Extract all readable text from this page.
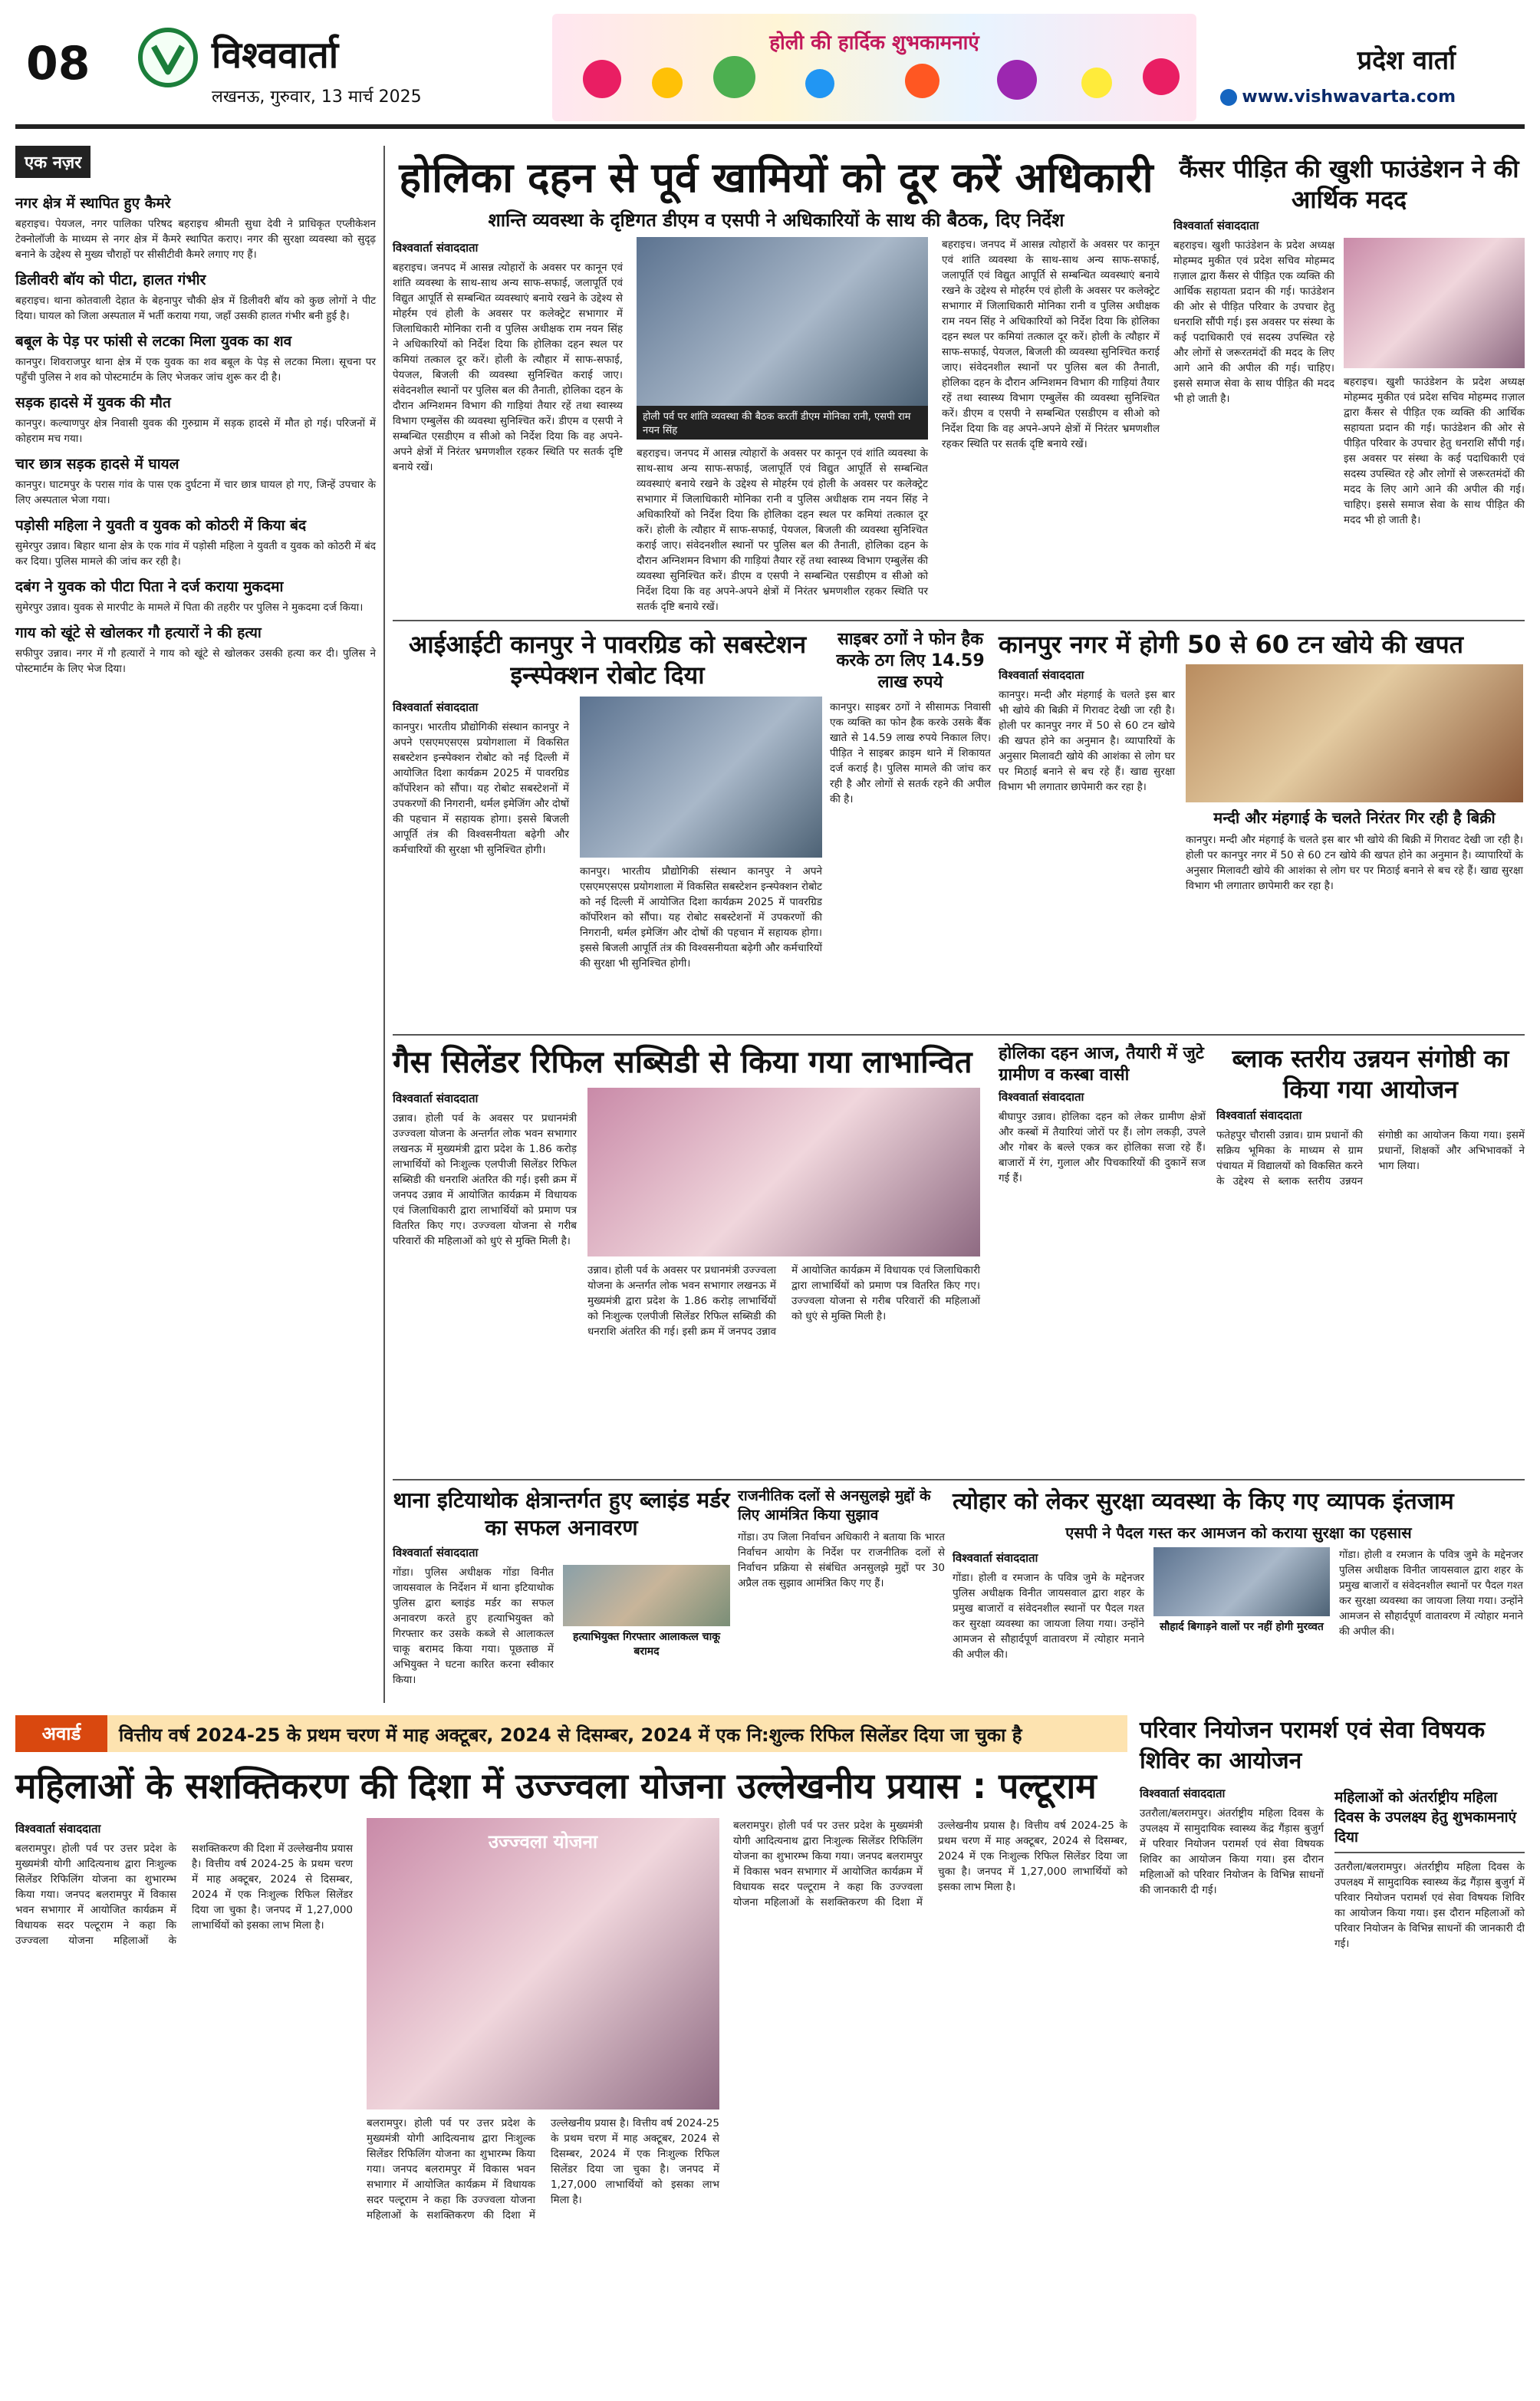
08	विश्ववार्ता
लखनऊ, गुरुवार, 13 मार्च 2025
होली की हार्दिक शुभकामनाएं
प्रदेश वार्ता
www.vishwavarta.com
एक नज़र
नगर क्षेत्र में स्थापित हुए कैमरे

बहराइच। पेयजल, नगर पालिका परिषद बहराइच श्रीमती सुधा देवी ने प्राधिकृत एप्लीकेशन टेक्नोलॉजी के माध्यम से नगर क्षेत्र में कैमरे स्थापित कराए। नगर की सुरक्षा व्यवस्था को सुदृढ़ बनाने के उद्देश्य से मुख्य चौराहों पर सीसीटीवी कैमरे लगाए गए हैं।

डिलीवरी बॉय को पीटा, हालत गंभीर

बहराइच। थाना कोतवाली देहात के बेहनापुर चौकी क्षेत्र में डिलीवरी बॉय को कुछ लोगों ने पीट दिया। घायल को जिला अस्पताल में भर्ती कराया गया, जहाँ उसकी हालत गंभीर बनी हुई है।

बबूल के पेड़ पर फांसी से लटका मिला युवक का शव

कानपुर। शिवराजपुर थाना क्षेत्र में एक युवक का शव बबूल के पेड़ से लटका मिला। सूचना पर पहुँची पुलिस ने शव को पोस्टमार्टम के लिए भेजकर जांच शुरू कर दी है।

सड़क हादसे में युवक की मौत

कानपुर। कल्याणपुर क्षेत्र निवासी युवक की गुरुग्राम में सड़क हादसे में मौत हो गई। परिजनों में कोहराम मच गया।

चार छात्र सड़क हादसे में घायल

कानपुर। घाटमपुर के परास गांव के पास एक दुर्घटना में चार छात्र घायल हो गए, जिन्हें उपचार के लिए अस्पताल भेजा गया।

पड़ोसी महिला ने युवती व युवक को कोठरी में किया बंद

सुमेरपुर उन्नाव। बिहार थाना क्षेत्र के एक गांव में पड़ोसी महिला ने युवती व युवक को कोठरी में बंद कर दिया। पुलिस मामले की जांच कर रही है।

दबंग ने युवक को पीटा पिता ने दर्ज कराया मुकदमा

सुमेरपुर उन्नाव। युवक से मारपीट के मामले में पिता की तहरीर पर पुलिस ने मुकदमा दर्ज किया।

गाय को खूंटे से खोलकर गौ हत्यारों ने की हत्या

सफीपुर उन्नाव। नगर में गौ हत्यारों ने गाय को खूंटे से खोलकर उसकी हत्या कर दी। पुलिस ने पोस्टमार्टम के लिए भेज दिया।

होलिका दहन से पूर्व खामियों को दूर करें अधिकारी
शान्ति व्यवस्था के दृष्टिगत डीएम व एसपी ने अधिकारियों के साथ की बैठक, दिए निर्देश
विश्ववार्ता संवाददाता

बहराइच। जनपद में आसन्न त्योहारों के अवसर पर कानून एवं शांति व्यवस्था के साथ-साथ अन्य साफ-सफाई, जलापूर्ति एवं विद्युत आपूर्ति से सम्बन्धित व्यवस्थाएं बनाये रखने के उद्देश्य से मोहर्रम एवं होली के अवसर पर कलेक्ट्रेट सभागार में जिलाधिकारी मोनिका रानी व पुलिस अधीक्षक राम नयन सिंह ने अधिकारियों को निर्देश दिया कि होलिका दहन स्थल पर कमियां तत्काल दूर करें। होली के त्यौहार में साफ-सफाई, पेयजल, बिजली की व्यवस्था सुनिश्चित कराई जाए। संवेदनशील स्थानों पर पुलिस बल की तैनाती, होलिका दहन के दौरान अग्निशमन विभाग की गाड़ियां तैयार रहें तथा स्वास्थ्य विभाग एम्बुलेंस की व्यवस्था सुनिश्चित करें। डीएम व एसपी ने सम्बन्धित एसडीएम व सीओ को निर्देश दिया कि वह अपने-अपने क्षेत्रों में निरंतर भ्रमणशील रहकर स्थिति पर सतर्क दृष्टि बनाये रखें।

होली पर्व पर शांति व्यवस्था की बैठक करतीं डीएम मोनिका रानी, एसपी राम नयन सिंह

बहराइच। जनपद में आसन्न त्योहारों के अवसर पर कानून एवं शांति व्यवस्था के साथ-साथ अन्य साफ-सफाई, जलापूर्ति एवं विद्युत आपूर्ति से सम्बन्धित व्यवस्थाएं बनाये रखने के उद्देश्य से मोहर्रम एवं होली के अवसर पर कलेक्ट्रेट सभागार में जिलाधिकारी मोनिका रानी व पुलिस अधीक्षक राम नयन सिंह ने अधिकारियों को निर्देश दिया कि होलिका दहन स्थल पर कमियां तत्काल दूर करें। होली के त्यौहार में साफ-सफाई, पेयजल, बिजली की व्यवस्था सुनिश्चित कराई जाए। संवेदनशील स्थानों पर पुलिस बल की तैनाती, होलिका दहन के दौरान अग्निशमन विभाग की गाड़ियां तैयार रहें तथा स्वास्थ्य विभाग एम्बुलेंस की व्यवस्था सुनिश्चित करें। डीएम व एसपी ने सम्बन्धित एसडीएम व सीओ को निर्देश दिया कि वह अपने-अपने क्षेत्रों में निरंतर भ्रमणशील रहकर स्थिति पर सतर्क दृष्टि बनाये रखें।

बहराइच। जनपद में आसन्न त्योहारों के अवसर पर कानून एवं शांति व्यवस्था के साथ-साथ अन्य साफ-सफाई, जलापूर्ति एवं विद्युत आपूर्ति से सम्बन्धित व्यवस्थाएं बनाये रखने के उद्देश्य से मोहर्रम एवं होली के अवसर पर कलेक्ट्रेट सभागार में जिलाधिकारी मोनिका रानी व पुलिस अधीक्षक राम नयन सिंह ने अधिकारियों को निर्देश दिया कि होलिका दहन स्थल पर कमियां तत्काल दूर करें। होली के त्यौहार में साफ-सफाई, पेयजल, बिजली की व्यवस्था सुनिश्चित कराई जाए। संवेदनशील स्थानों पर पुलिस बल की तैनाती, होलिका दहन के दौरान अग्निशमन विभाग की गाड़ियां तैयार रहें तथा स्वास्थ्य विभाग एम्बुलेंस की व्यवस्था सुनिश्चित करें। डीएम व एसपी ने सम्बन्धित एसडीएम व सीओ को निर्देश दिया कि वह अपने-अपने क्षेत्रों में निरंतर भ्रमणशील रहकर स्थिति पर सतर्क दृष्टि बनाये रखें।

कैंसर पीड़ित की खुशी फाउंडेशन ने की आर्थिक मदद
विश्ववार्ता संवाददाता

बहराइच। खुशी फाउंडेशन के प्रदेश अध्यक्ष मोहम्मद मुकीत एवं प्रदेश सचिव मोहम्मद ग़ज़ाल द्वारा कैंसर से पीड़ित एक व्यक्ति की आर्थिक सहायता प्रदान की गई। फाउंडेशन की ओर से पीड़ित परिवार के उपचार हेतु धनराशि सौंपी गई। इस अवसर पर संस्था के कई पदाधिकारी एवं सदस्य उपस्थित रहे और लोगों से जरूरतमंदों की मदद के लिए आगे आने की अपील की गई। चाहिए। इससे समाज सेवा के साथ पीड़ित की मदद भी हो जाती है।

बहराइच। खुशी फाउंडेशन के प्रदेश अध्यक्ष मोहम्मद मुकीत एवं प्रदेश सचिव मोहम्मद ग़ज़ाल द्वारा कैंसर से पीड़ित एक व्यक्ति की आर्थिक सहायता प्रदान की गई। फाउंडेशन की ओर से पीड़ित परिवार के उपचार हेतु धनराशि सौंपी गई। इस अवसर पर संस्था के कई पदाधिकारी एवं सदस्य उपस्थित रहे और लोगों से जरूरतमंदों की मदद के लिए आगे आने की अपील की गई। चाहिए। इससे समाज सेवा के साथ पीड़ित की मदद भी हो जाती है।

आईआईटी कानपुर ने पावरग्रिड को सबस्टेशन इन्स्पेक्शन रोबोट दिया
विश्ववार्ता संवाददाता

कानपुर। भारतीय प्रौद्योगिकी संस्थान कानपुर ने अपने एसएमएसएस प्रयोगशाला में विकसित सबस्टेशन इन्स्पेक्शन रोबोट को नई दिल्ली में आयोजित दिशा कार्यक्रम 2025 में पावरग्रिड कॉर्पोरेशन को सौंपा। यह रोबोट सबस्टेशनों में उपकरणों की निगरानी, थर्मल इमेजिंग और दोषों की पहचान में सहायक होगा। इससे बिजली आपूर्ति तंत्र की विश्वसनीयता बढ़ेगी और कर्मचारियों की सुरक्षा भी सुनिश्चित होगी।

कानपुर। भारतीय प्रौद्योगिकी संस्थान कानपुर ने अपने एसएमएसएस प्रयोगशाला में विकसित सबस्टेशन इन्स्पेक्शन रोबोट को नई दिल्ली में आयोजित दिशा कार्यक्रम 2025 में पावरग्रिड कॉर्पोरेशन को सौंपा। यह रोबोट सबस्टेशनों में उपकरणों की निगरानी, थर्मल इमेजिंग और दोषों की पहचान में सहायक होगा। इससे बिजली आपूर्ति तंत्र की विश्वसनीयता बढ़ेगी और कर्मचारियों की सुरक्षा भी सुनिश्चित होगी।

साइबर ठगों ने फोन हैक करके ठग लिए 14.59 लाख रुपये

कानपुर। साइबर ठगों ने सीसामऊ निवासी एक व्यक्ति का फोन हैक करके उसके बैंक खाते से 14.59 लाख रुपये निकाल लिए। पीड़ित ने साइबर क्राइम थाने में शिकायत दर्ज कराई है। पुलिस मामले की जांच कर रही है और लोगों से सतर्क रहने की अपील की है।

कानपुर नगर में होगी 50 से 60 टन खोये की खपत
विश्ववार्ता संवाददाता

कानपुर। मन्दी और मंहगाई के चलते इस बार भी खोये की बिक्री में गिरावट देखी जा रही है। होली पर कानपुर नगर में 50 से 60 टन खोये की खपत होने का अनुमान है। व्यापारियों के अनुसार मिलावटी खोये की आशंका से लोग घर पर मिठाई बनाने से बच रहे हैं। खाद्य सुरक्षा विभाग भी लगातार छापेमारी कर रहा है।

मन्दी और मंहगाई के चलते निरंतर गिर रही है बिक्री

कानपुर। मन्दी और मंहगाई के चलते इस बार भी खोये की बिक्री में गिरावट देखी जा रही है। होली पर कानपुर नगर में 50 से 60 टन खोये की खपत होने का अनुमान है। व्यापारियों के अनुसार मिलावटी खोये की आशंका से लोग घर पर मिठाई बनाने से बच रहे हैं। खाद्य सुरक्षा विभाग भी लगातार छापेमारी कर रहा है।

गैस सिलेंडर रिफिल सब्सिडी से किया गया लाभान्वित
विश्ववार्ता संवाददाता

उन्नाव। होली पर्व के अवसर पर प्रधानमंत्री उज्ज्वला योजना के अन्तर्गत लोक भवन सभागार लखनऊ में मुख्यमंत्री द्वारा प्रदेश के 1.86 करोड़ लाभार्थियों को निःशुल्क एलपीजी सिलेंडर रिफिल सब्सिडी की धनराशि अंतरित की गई। इसी क्रम में जनपद उन्नाव में आयोजित कार्यक्रम में विधायक एवं जिलाधिकारी द्वारा लाभार्थियों को प्रमाण पत्र वितरित किए गए। उज्ज्वला योजना से गरीब परिवारों की महिलाओं को धुएं से मुक्ति मिली है।

उन्नाव। होली पर्व के अवसर पर प्रधानमंत्री उज्ज्वला योजना के अन्तर्गत लोक भवन सभागार लखनऊ में मुख्यमंत्री द्वारा प्रदेश के 1.86 करोड़ लाभार्थियों को निःशुल्क एलपीजी सिलेंडर रिफिल सब्सिडी की धनराशि अंतरित की गई। इसी क्रम में जनपद उन्नाव में आयोजित कार्यक्रम में विधायक एवं जिलाधिकारी द्वारा लाभार्थियों को प्रमाण पत्र वितरित किए गए। उज्ज्वला योजना से गरीब परिवारों की महिलाओं को धुएं से मुक्ति मिली है।

होलिका दहन आज, तैयारी में जुटे ग्रामीण व कस्बा वासी
विश्ववार्ता संवाददाता

बीघापुर उन्नाव। होलिका दहन को लेकर ग्रामीण क्षेत्रों और कस्बों में तैयारियां जोरों पर हैं। लोग लकड़ी, उपले और गोबर के बल्ले एकत्र कर होलिका सजा रहे हैं। बाजारों में रंग, गुलाल और पिचकारियों की दुकानें सज गई हैं।

ब्लाक स्तरीय उन्नयन संगोष्ठी का किया गया आयोजन
विश्ववार्ता संवाददाता

फतेहपुर चौरासी उन्नाव। ग्राम प्रधानों की सक्रिय भूमिका के माध्यम से ग्राम पंचायत में विद्यालयों को विकसित करने के उद्देश्य से ब्लाक स्तरीय उन्नयन संगोष्ठी का आयोजन किया गया। इसमें प्रधानों, शिक्षकों और अभिभावकों ने भाग लिया।

थाना इटियाथोक क्षेत्रान्तर्गत हुए ब्लाइंड मर्डर का सफल अनावरण
विश्ववार्ता संवाददाता

गोंडा। पुलिस अधीक्षक गोंडा विनीत जायसवाल के निर्देशन में थाना इटियाथोक पुलिस द्वारा ब्लाइंड मर्डर का सफल अनावरण करते हुए हत्याभियुक्त को गिरफ्तार कर उसके कब्जे से आलाकत्ल चाकू बरामद किया गया। पूछताछ में अभियुक्त ने घटना कारित करना स्वीकार किया।

हत्याभियुक्त गिरफ्तार आलाकत्ल चाकू बरामद
राजनीतिक दलों से अनसुलझे मुद्दों के लिए आमंत्रित किया सुझाव

गोंडा। उप जिला निर्वाचन अधिकारी ने बताया कि भारत निर्वाचन आयोग के निर्देश पर राजनीतिक दलों से निर्वाचन प्रक्रिया से संबंधित अनसुलझे मुद्दों पर 30 अप्रैल तक सुझाव आमंत्रित किए गए हैं।

त्योहार को लेकर सुरक्षा व्यवस्था के किए गए व्यापक इंतजाम
एसपी ने पैदल गस्त कर आमजन को कराया सुरक्षा का एहसास
विश्ववार्ता संवाददाता

गोंडा। होली व रमजान के पवित्र जुमे के मद्देनजर पुलिस अधीक्षक विनीत जायसवाल द्वारा शहर के प्रमुख बाजारों व संवेदनशील स्थानों पर पैदल गश्त कर सुरक्षा व्यवस्था का जायजा लिया गया। उन्होंने आमजन से सौहार्दपूर्ण वातावरण में त्योहार मनाने की अपील की।

सौहार्द बिगाड़ने वालों पर नहीं होगी मुरव्वत

गोंडा। होली व रमजान के पवित्र जुमे के मद्देनजर पुलिस अधीक्षक विनीत जायसवाल द्वारा शहर के प्रमुख बाजारों व संवेदनशील स्थानों पर पैदल गश्त कर सुरक्षा व्यवस्था का जायजा लिया गया। उन्होंने आमजन से सौहार्दपूर्ण वातावरण में त्योहार मनाने की अपील की।

अवार्ड	वित्तीय वर्ष 2024-25 के प्रथम चरण में माह अक्टूबर, 2024 से दिसम्बर, 2024 में एक नि:शुल्क रिफिल सिलेंडर दिया जा चुका है
महिलाओं के सशक्तिकरण की दिशा में उज्ज्वला योजना उल्लेखनीय प्रयास : पल्टूराम
विश्ववार्ता संवाददाता

बलरामपुर। होली पर्व पर उत्तर प्रदेश के मुख्यमंत्री योगी आदित्यनाथ द्वारा निःशुल्क सिलेंडर रिफिलिंग योजना का शुभारम्भ किया गया। जनपद बलरामपुर में विकास भवन सभागार में आयोजित कार्यक्रम में विधायक सदर पल्टूराम ने कहा कि उज्ज्वला योजना महिलाओं के सशक्तिकरण की दिशा में उल्लेखनीय प्रयास है। वित्तीय वर्ष 2024-25 के प्रथम चरण में माह अक्टूबर, 2024 से दिसम्बर, 2024 में एक निःशुल्क रिफिल सिलेंडर दिया जा चुका है। जनपद में 1,27,000 लाभार्थियों को इसका लाभ मिला है।

उज्ज्वला योजना

बलरामपुर। होली पर्व पर उत्तर प्रदेश के मुख्यमंत्री योगी आदित्यनाथ द्वारा निःशुल्क सिलेंडर रिफिलिंग योजना का शुभारम्भ किया गया। जनपद बलरामपुर में विकास भवन सभागार में आयोजित कार्यक्रम में विधायक सदर पल्टूराम ने कहा कि उज्ज्वला योजना महिलाओं के सशक्तिकरण की दिशा में उल्लेखनीय प्रयास है। वित्तीय वर्ष 2024-25 के प्रथम चरण में माह अक्टूबर, 2024 से दिसम्बर, 2024 में एक निःशुल्क रिफिल सिलेंडर दिया जा चुका है। जनपद में 1,27,000 लाभार्थियों को इसका लाभ मिला है।

बलरामपुर। होली पर्व पर उत्तर प्रदेश के मुख्यमंत्री योगी आदित्यनाथ द्वारा निःशुल्क सिलेंडर रिफिलिंग योजना का शुभारम्भ किया गया। जनपद बलरामपुर में विकास भवन सभागार में आयोजित कार्यक्रम में विधायक सदर पल्टूराम ने कहा कि उज्ज्वला योजना महिलाओं के सशक्तिकरण की दिशा में उल्लेखनीय प्रयास है। वित्तीय वर्ष 2024-25 के प्रथम चरण में माह अक्टूबर, 2024 से दिसम्बर, 2024 में एक निःशुल्क रिफिल सिलेंडर दिया जा चुका है। जनपद में 1,27,000 लाभार्थियों को इसका लाभ मिला है।

परिवार नियोजन परामर्श एवं सेवा विषयक शिविर का आयोजन
विश्ववार्ता संवाददाता

उतरौला/बलरामपुर। अंतर्राष्ट्रीय महिला दिवस के उपलक्ष्य में सामुदायिक स्वास्थ्य केंद्र गैंड़ास बुजुर्ग में परिवार नियोजन परामर्श एवं सेवा विषयक शिविर का आयोजन किया गया। इस दौरान महिलाओं को परिवार नियोजन के विभिन्न साधनों की जानकारी दी गई।

महिलाओं को अंतर्राष्ट्रीय महिला दिवस के उपलक्ष्य हेतु शुभकामनाएं दिया

उतरौला/बलरामपुर। अंतर्राष्ट्रीय महिला दिवस के उपलक्ष्य में सामुदायिक स्वास्थ्य केंद्र गैंड़ास बुजुर्ग में परिवार नियोजन परामर्श एवं सेवा विषयक शिविर का आयोजन किया गया। इस दौरान महिलाओं को परिवार नियोजन के विभिन्न साधनों की जानकारी दी गई।
